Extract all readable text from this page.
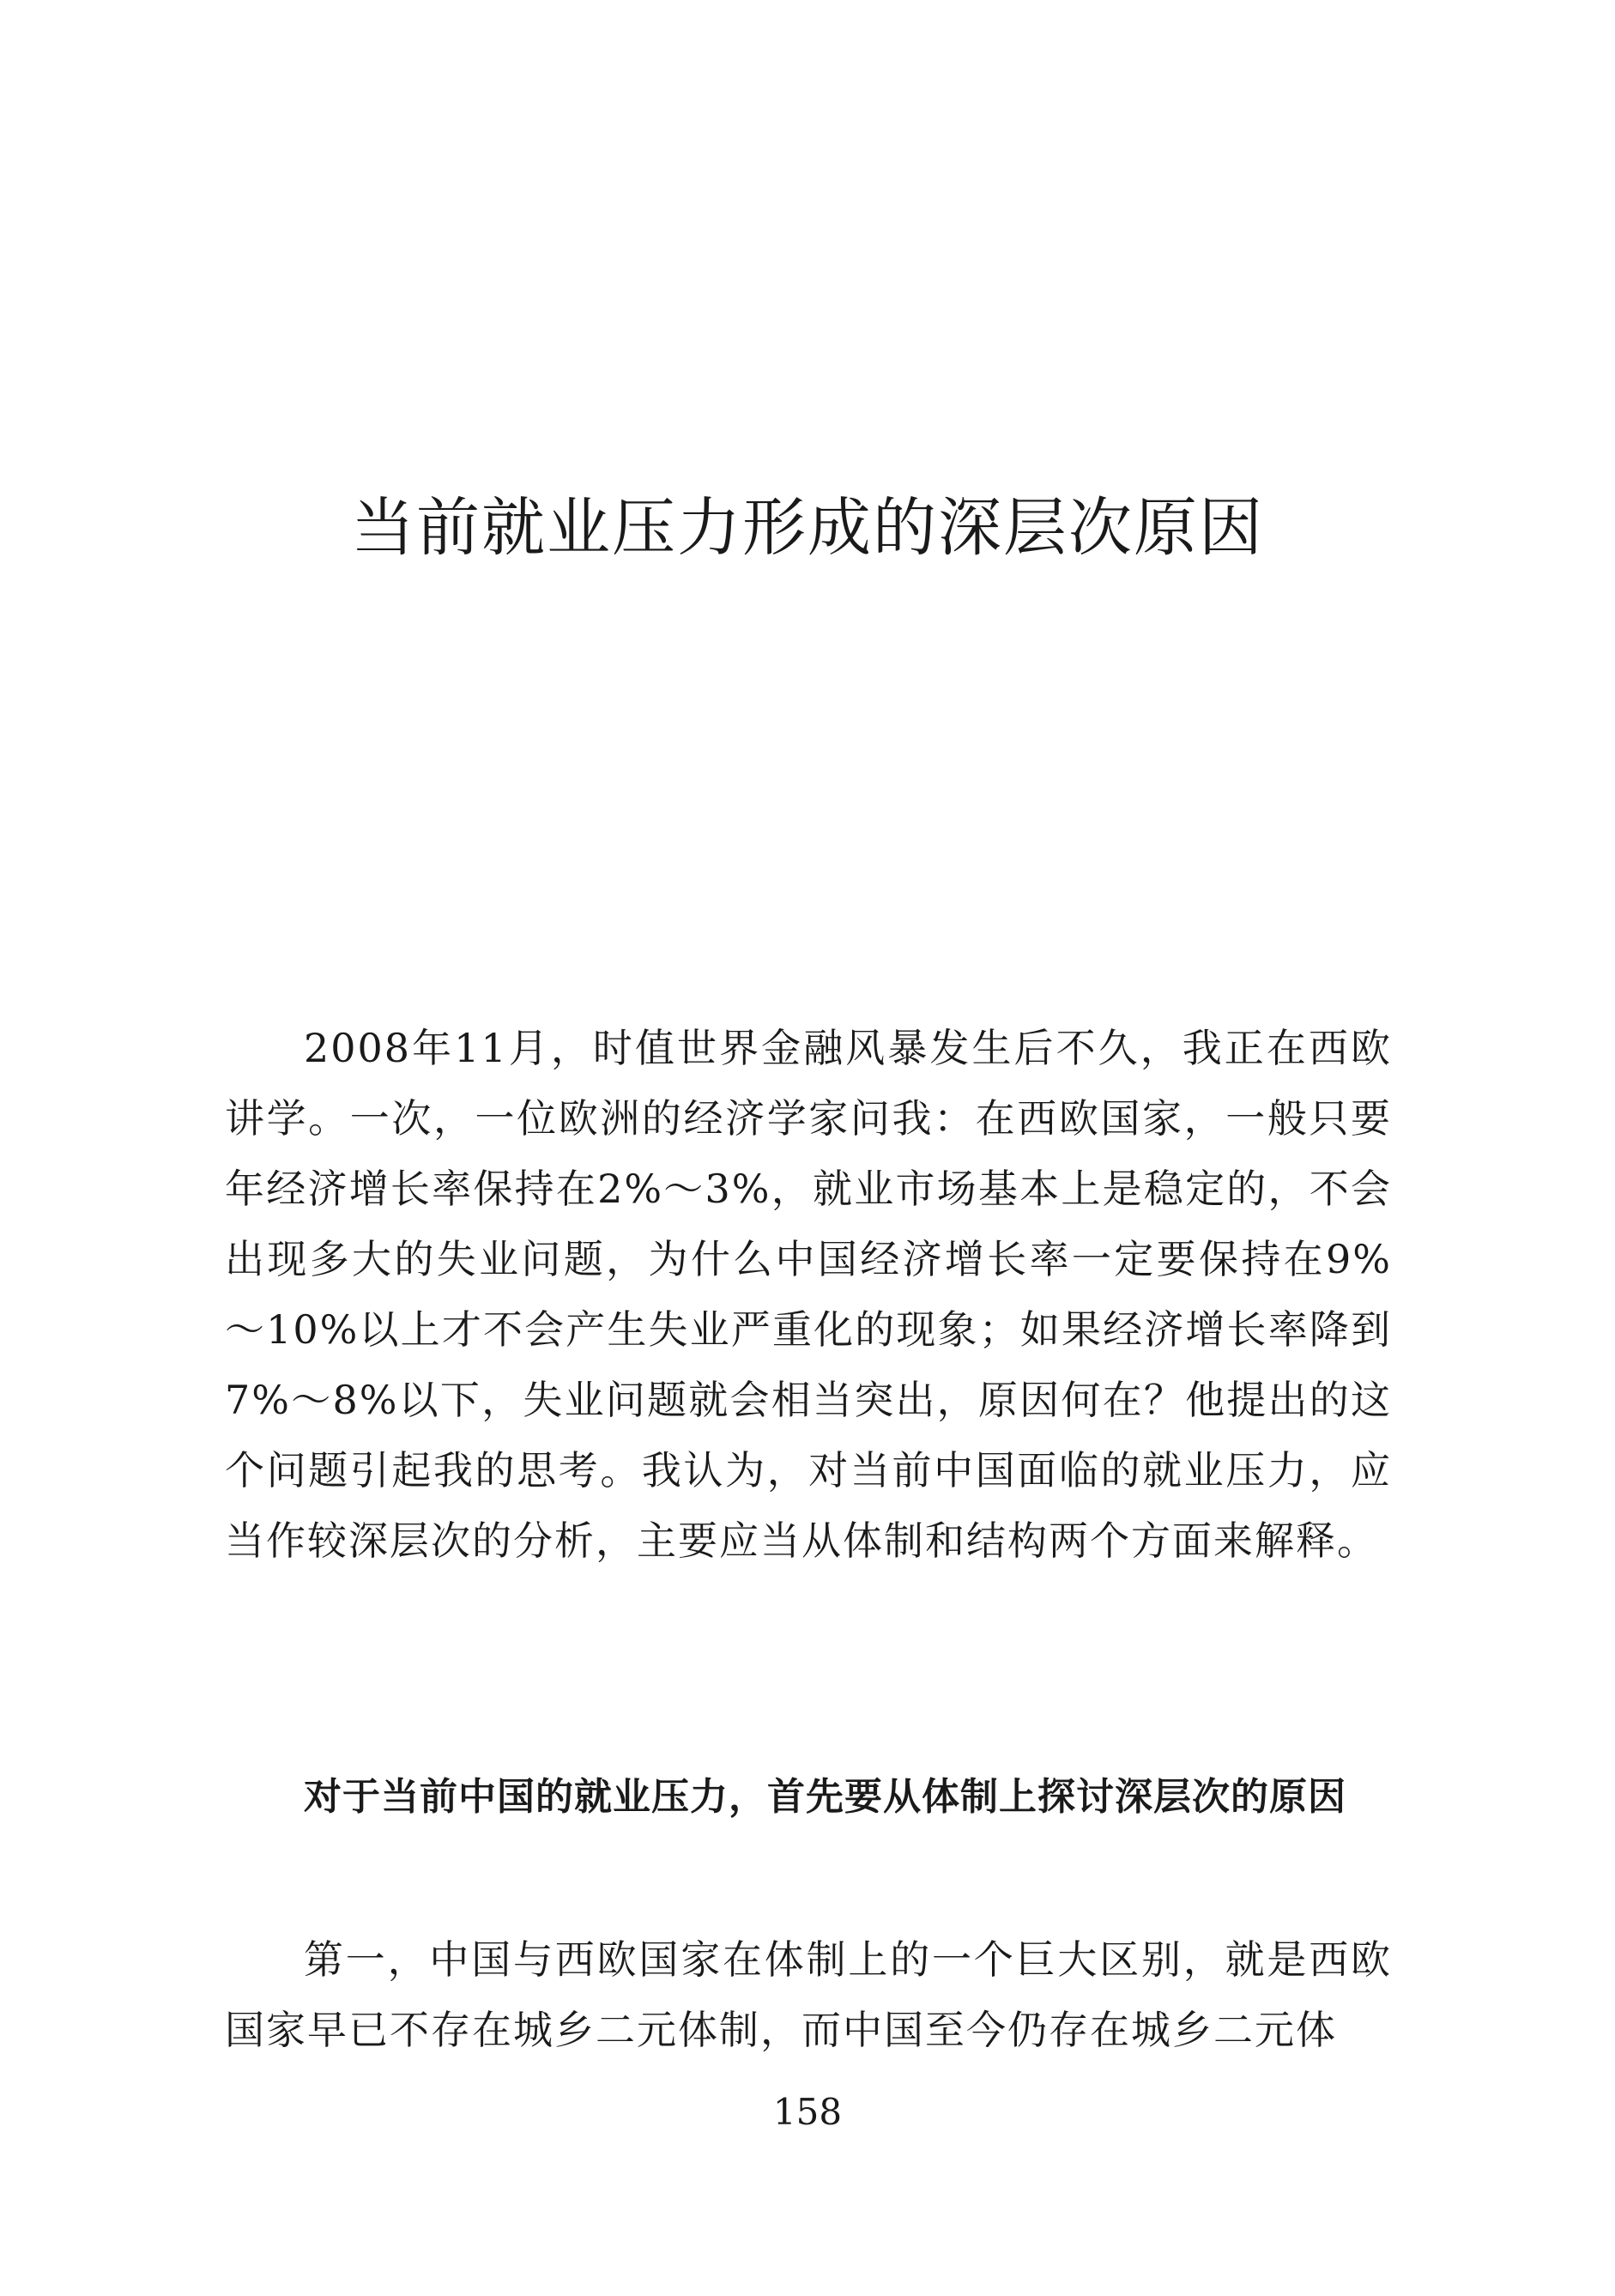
当前就业压力形成的深层次原因

2008年11月，时值世界金融风暴发生后不久，我正在西欧讲学。一次，一位欧洲的经济学家问我：在西欧国家，一般只要年经济增长率保持在2%～3%，就业市场基本上是稳定的，不会出现多大的失业问题，为什么中国经济增长率一定要保持在9%～10%以上才不会产生失业严重化的现象；如果经济增长率降到7%～8%以下，失业问题就会相当突出，原因何在？他提出的这个问题引起我的思考。我认为，对当前中国面临的就业压力，应当作较深层次的分析，主要应当从体制和结构两个方面来解释。

对于当前中国的就业压力，首先要从体制上探讨深层次的原因

第一，中国与西欧国家在体制上的一个巨大区别，就是西欧国家早已不存在城乡二元体制，而中国至今仍存在城乡二元体

158
